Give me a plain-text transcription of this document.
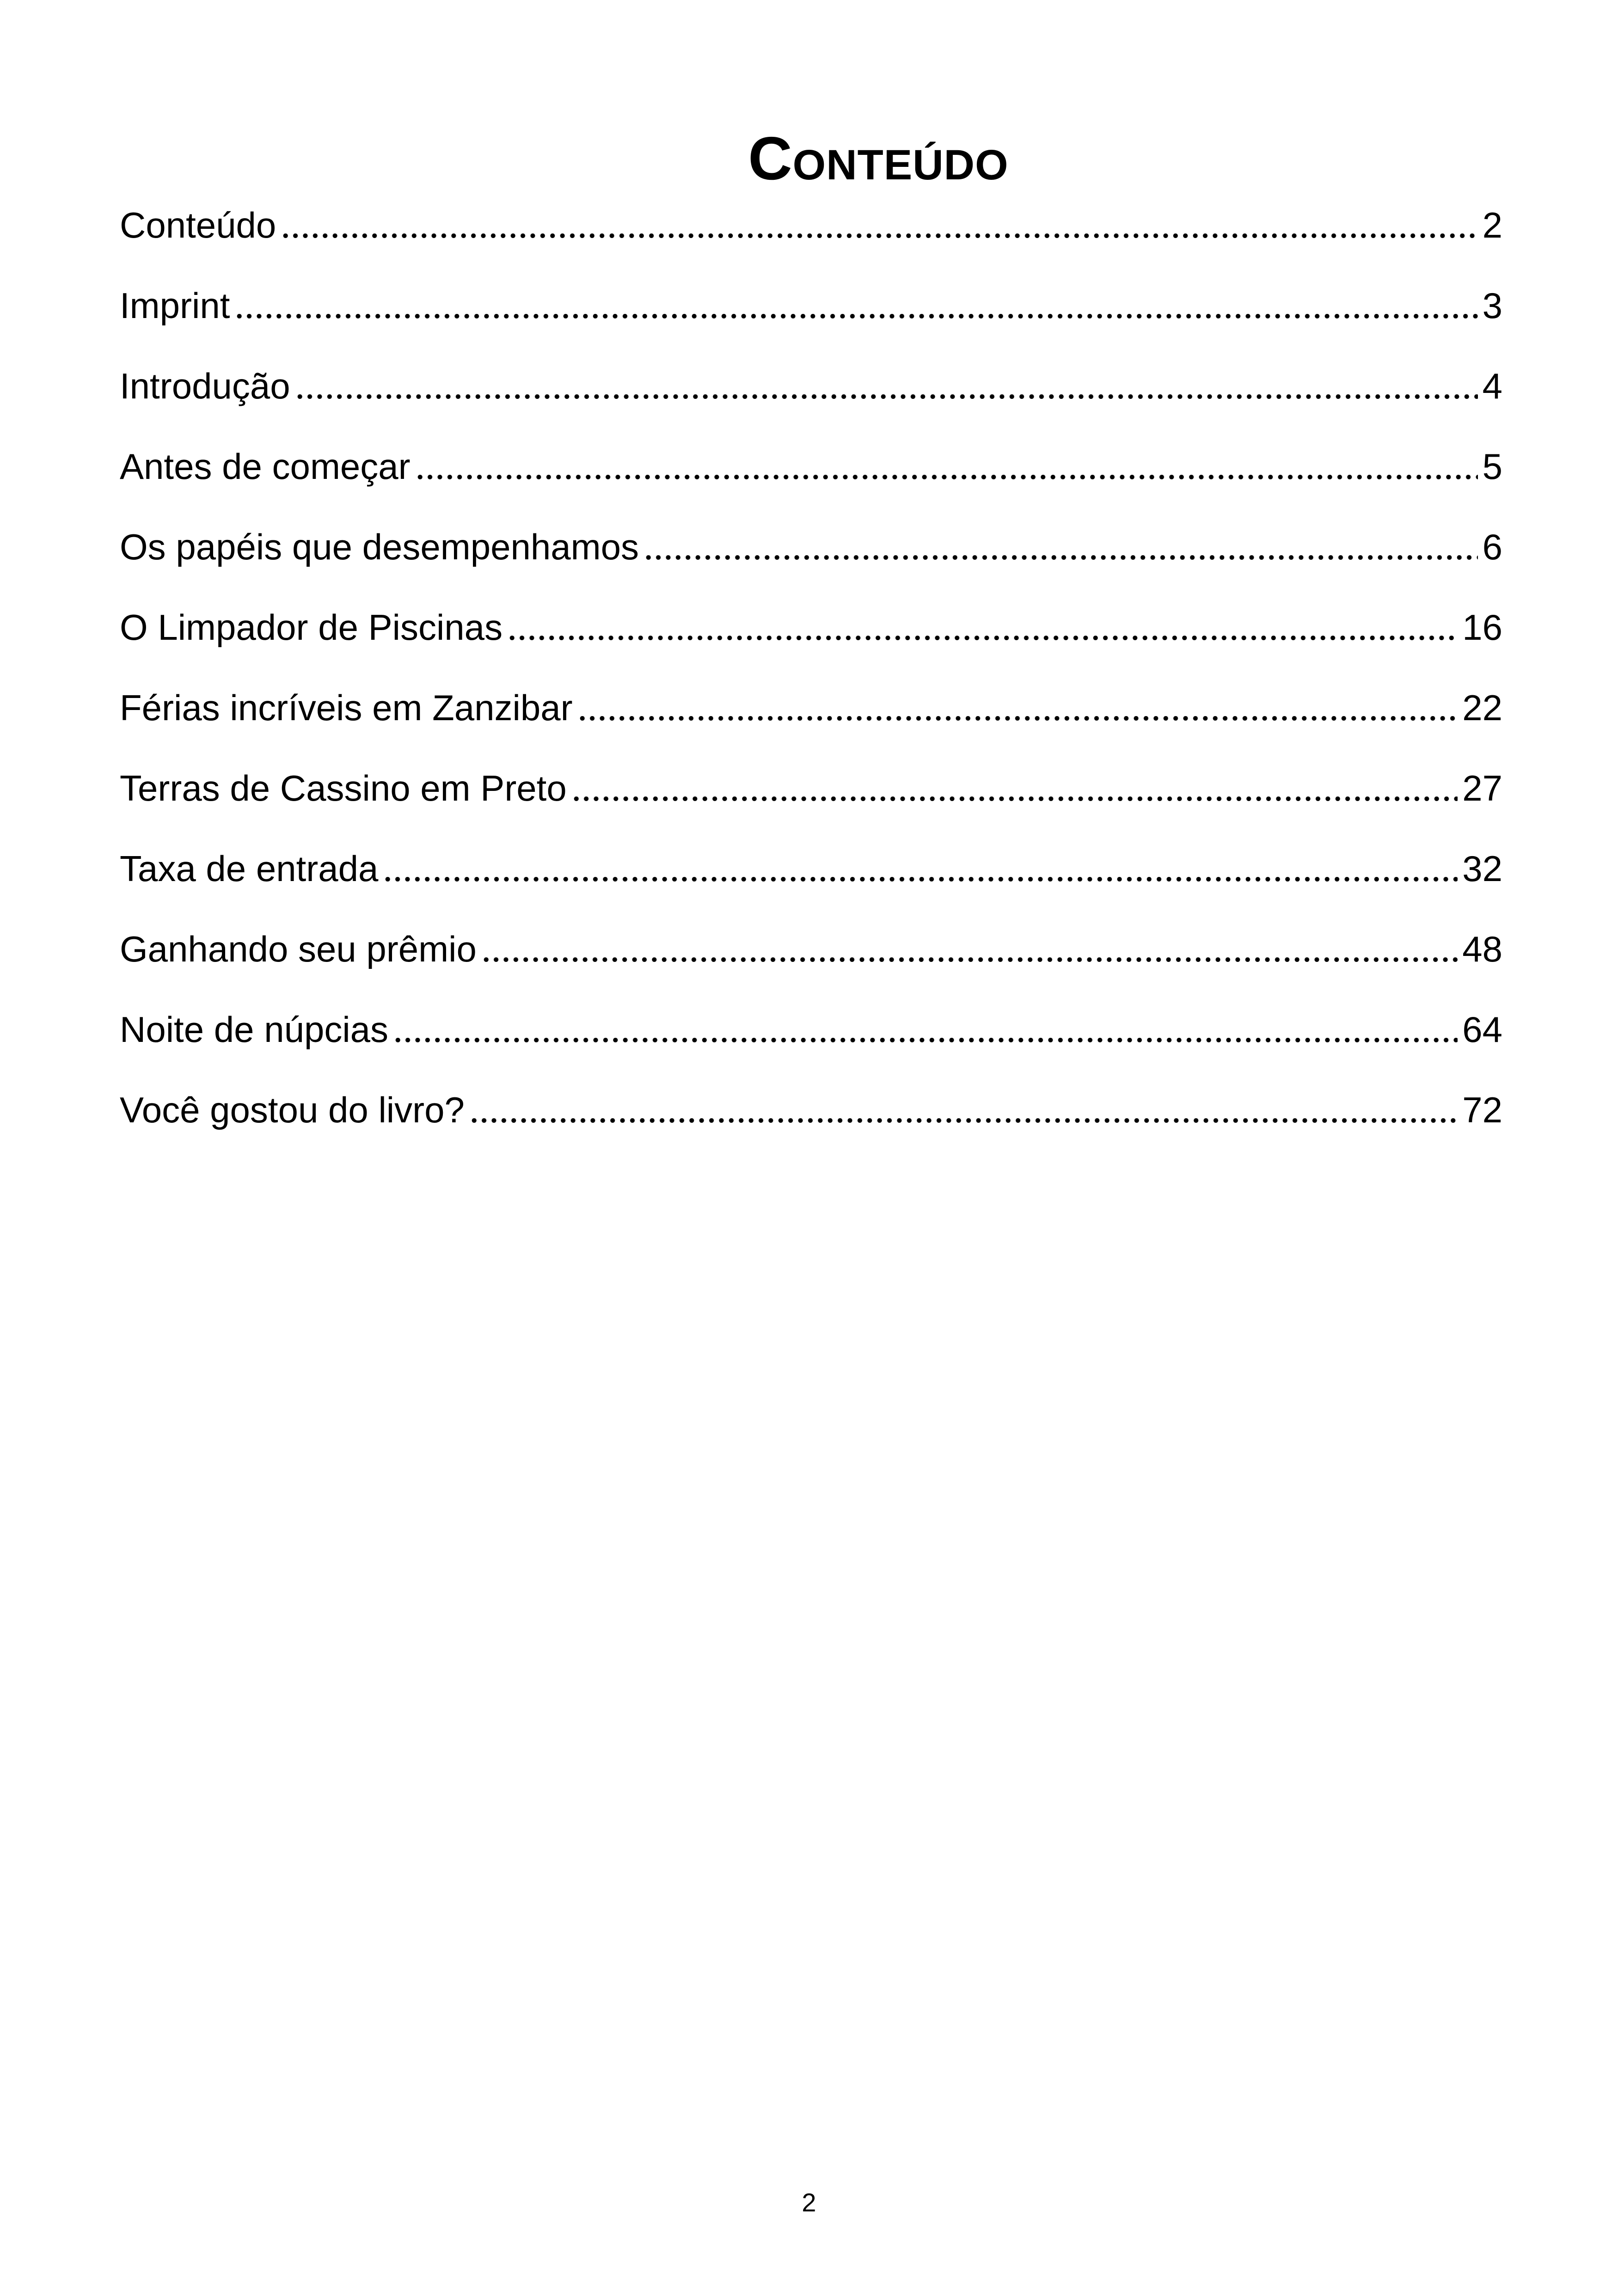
Conteúdo
Conteúdo	2
Imprint	3
Introdução	4
Antes de começar	5
Os papéis que desempenhamos	6
O Limpador de Piscinas	16
Férias incríveis em Zanzibar	22
Terras de Cassino em Preto	27
Taxa de entrada	32
Ganhando seu prêmio	48
Noite de núpcias	64
Você gostou do livro?	72
2
